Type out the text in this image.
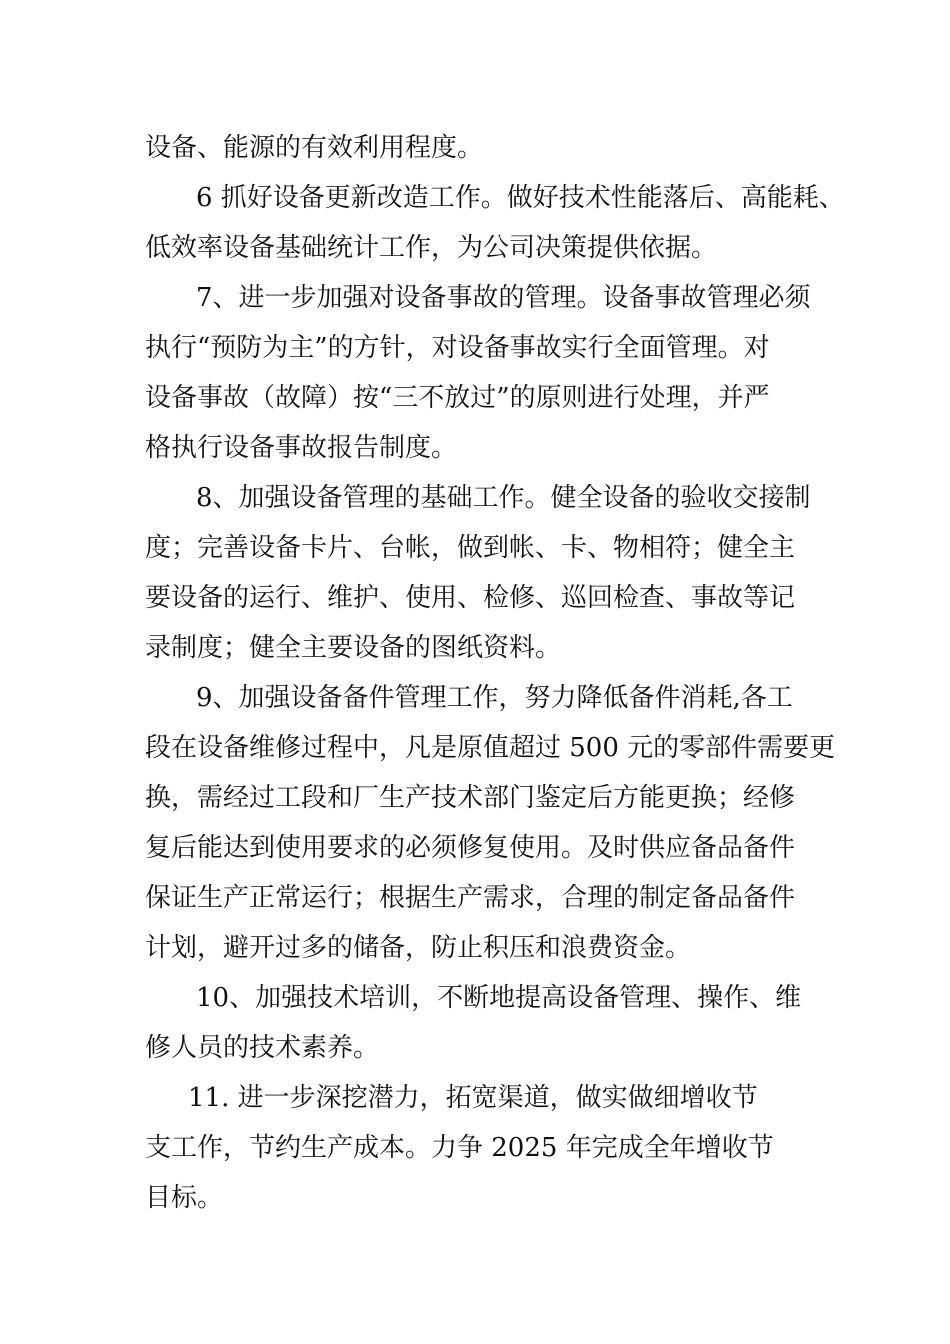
设备、能源的有效利用程度。
6 抓好设备更新改造工作。做好技术性能落后、高能耗、
低效率设备基础统计工作，为公司决策提供依据。
7、进一步加强对设备事故的管理。设备事故管理必须
执行“预防为主”的方针，对设备事故实行全面管理。对
设备事故（故障）按“三不放过”的原则进行处理，并严
格执行设备事故报告制度。
8、加强设备管理的基础工作。健全设备的验收交接制
度；完善设备卡片、台帐，做到帐、卡、物相符；健全主
要设备的运行、维护、使用、检修、巡回检查、事故等记
录制度；健全主要设备的图纸资料。
9、加强设备备件管理工作，努力降低备件消耗,各工
段在设备维修过程中，凡是原值超过 500 元的零部件需要更
换，需经过工段和厂生产技术部门鉴定后方能更换；经修
复后能达到使用要求的必须修复使用。及时供应备品备件
保证生产正常运行；根据生产需求，合理的制定备品备件
计划，避开过多的储备，防止积压和浪费资金。
10、加强技术培训，不断地提高设备管理、操作、维
修人员的技术素养。
11. 进一步深挖潜力，拓宽渠道，做实做细增收节
支工作，节约生产成本。力争 2025 年完成全年增收节
目标。
